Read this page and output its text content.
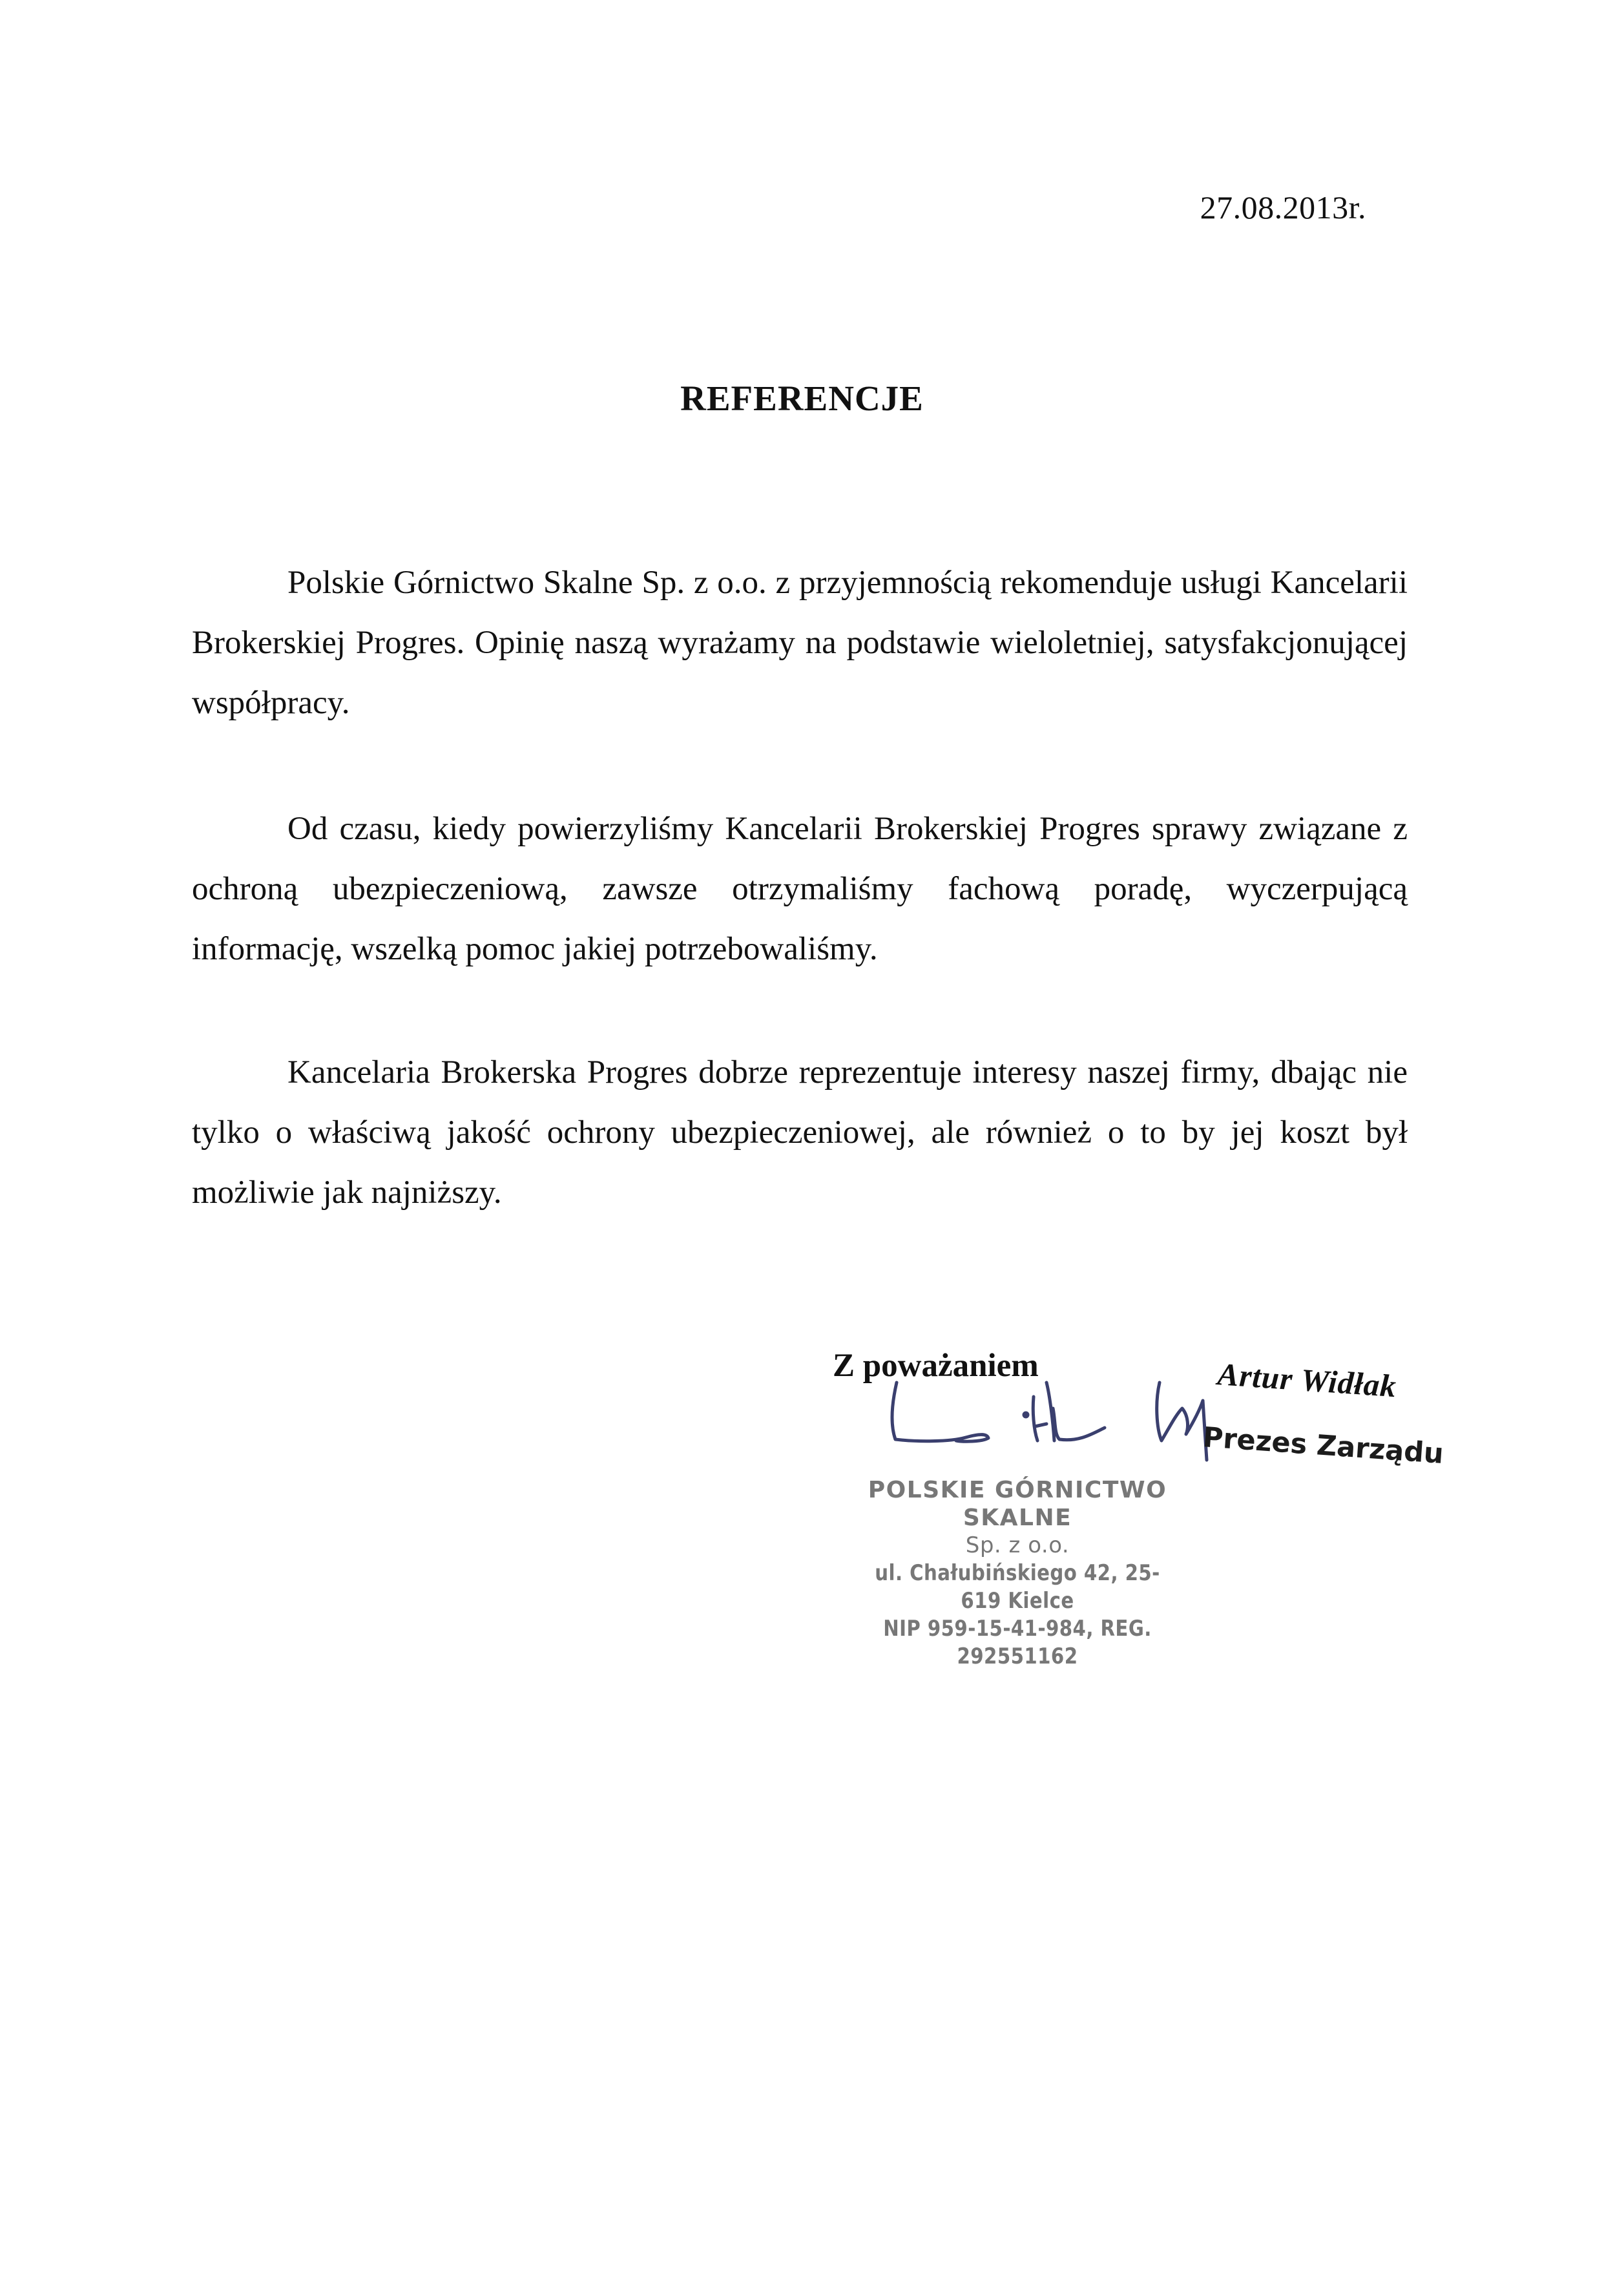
27.08.2013r.
REFERENCJE

Polskie Górnictwo Skalne Sp. z o.o. z przyjemnością rekomenduje usługi Kancelarii Brokerskiej Progres. Opinię naszą wyrażamy na podstawie wieloletniej, satysfakcjonującej współpracy.

Od czasu, kiedy powierzyliśmy Kancelarii Brokerskiej Progres sprawy związane z ochroną ubezpieczeniową, zawsze otrzymaliśmy fachową poradę, wyczerpującą informację, wszelką pomoc jakiej potrzebowaliśmy.

Kancelaria Brokerska Progres dobrze reprezentuje interesy naszej firmy, dbając nie tylko o właściwą jakość ochrony ubezpieczeniowej, ale również o to by jej koszt był możliwie jak najniższy.

Z poważaniem	Artur Widłak
Prezes Zarządu
POLSKIE GÓRNICTWO SKALNE
Sp. z o.o.
ul. Chałubińskiego 42, 25-619 Kielce
NIP 959-15-41-984, REG. 292551162
